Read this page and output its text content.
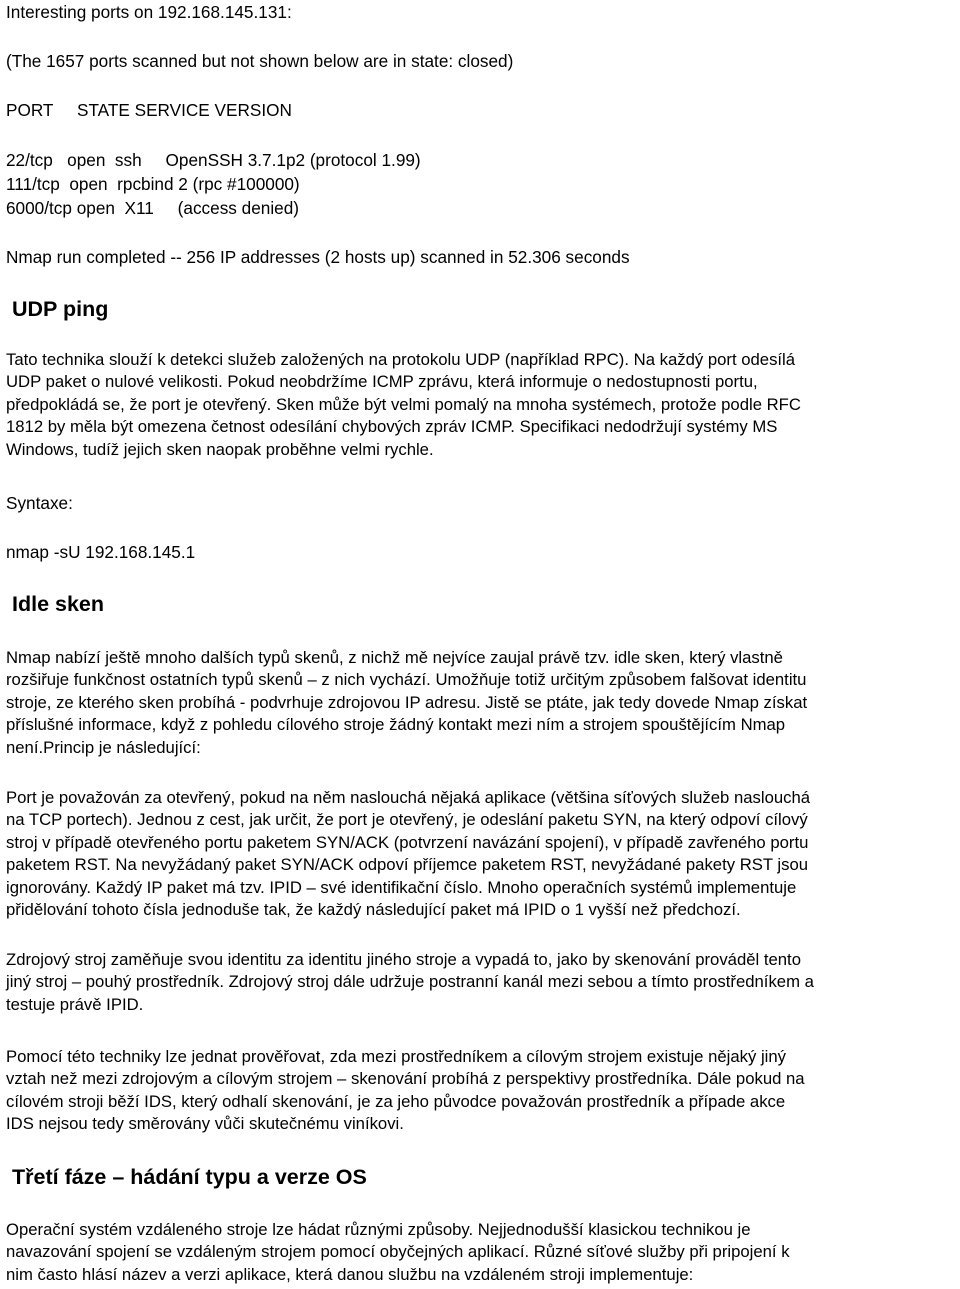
Interesting ports on 192.168.145.131:

(The 1657 ports scanned but not shown below are in state: closed)

PORT     STATE SERVICE VERSION

22/tcp   open  ssh     OpenSSH 3.7.1p2 (protocol 1.99)

111/tcp  open  rpcbind 2 (rpc #100000)

6000/tcp open  X11     (access denied)

Nmap run completed -- 256 IP addresses (2 hosts up) scanned in 52.306 seconds

UDP ping
Tato technika slouží k detekci služeb založených na protokolu UDP (například RPC). Na každý port odesílá
UDP paket o nulové velikosti. Pokud neobdržíme ICMP zprávu, která informuje o nedostupnosti portu,
předpokládá se, že port je otevřený. Sken může být velmi pomalý na mnoha systémech, protože podle RFC
1812 by měla být omezena četnost odesílání chybových zpráv ICMP. Specifikaci nedodržují systémy MS
Windows, tudíž jejich sken naopak proběhne velmi rychle.

Syntaxe:

nmap -sU 192.168.145.1

Idle sken
Nmap nabízí ještě mnoho dalších typů skenů, z nichž mě nejvíce zaujal právě tzv. idle sken, který vlastně
rozšiřuje funkčnost ostatních typů skenů – z nich vychází. Umožňuje totiž určitým způsobem falšovat identitu
stroje, ze kterého sken probíhá - podvrhuje zdrojovou IP adresu. Jistě se ptáte, jak tedy dovede Nmap získat
příslušné informace, když z pohledu cílového stroje žádný kontakt mezi ním a strojem spouštějícím Nmap
není.Princip je následující:
Port je považován za otevřený, pokud na něm naslouchá nějaká aplikace (většina síťových služeb naslouchá
na TCP portech). Jednou z cest, jak určit, že port je otevřený, je odeslání paketu SYN, na který odpoví cílový
stroj v případě otevřeného portu paketem SYN/ACK (potvrzení navázání spojení), v případě zavřeného portu
paketem RST. Na nevyžádaný paket SYN/ACK odpoví příjemce paketem RST, nevyžádané pakety RST jsou
ignorovány. Každý IP paket má tzv. IPID – své identifikační číslo. Mnoho operačních systémů implementuje
přidělování tohoto čísla jednoduše tak, že každý následující paket má IPID o 1 vyšší než předchozí.
Zdrojový stroj zaměňuje svou identitu za identitu jiného stroje a vypadá to, jako by skenování prováděl tento
jiný stroj – pouhý prostředník. Zdrojový stroj dále udržuje postranní kanál mezi sebou a tímto prostředníkem a
testuje právě IPID.
Pomocí této techniky lze jednat prověřovat, zda mezi prostředníkem a cílovým strojem existuje nějaký jiný
vztah než mezi zdrojovým a cílovým strojem – skenování probíhá z perspektivy prostředníka. Dále pokud na
cílovém stroji běží IDS, který odhalí skenování, je za jeho původce považován prostředník a případe akce
IDS nejsou tedy směrovány vůči skutečnému viníkovi.
Třetí fáze – hádání typu a verze OS
Operační systém vzdáleného stroje lze hádat různými způsoby. Nejjednodušší klasickou technikou je
navazování spojení se vzdáleným strojem pomocí obyčejných aplikací. Různé síťové služby při pripojení k
nim často hlásí název a verzi aplikace, která danou službu na vzdáleném stroji implementuje:
